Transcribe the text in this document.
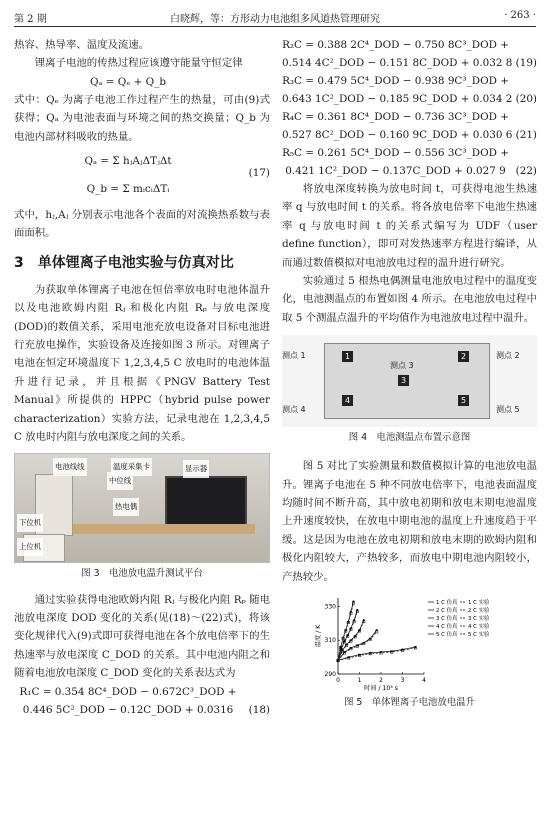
第 2 期	白晓辉，等：方形动力电池组多风道热管理研究	· 263 ·

热容、热导率、温度及流速。

锂离子电池的传热过程应该遵守能量守恒定律

Qₐ = Qₑ + Q_b

式中：Qₑ 为离子电池工作过程产生的热量，可由(9)式获得；Qₐ 为电池表面与环境之间的热交换量；Q_b 为电池内部材料吸收的热量。

Qₐ = Σ hⱼAⱼΔTⱼΔt
Q_b = Σ mᵢcᵢΔTᵢ
(17)

式中，hⱼ,Aⱼ 分别表示电池各个表面的对流换热系数与表面面积。

3　单体锂离子电池实验与仿真对比

为获取单体锂离子电池在恒倍率放电时电池体温升以及电池欧姆内阻 Rⱼ 和极化内阻 Rₚ 与放电深度(DOD)的数值关系，采用电池充放电设备对目标电池进行充放电操作，实验设备及连接如图 3 所示。对锂离子电池在恒定环境温度下 1,2,3,4,5 C 放电时的电池体温升进行记录，并且根据《PNGV Battery Test Manual》所提供的 HPPC（hybrid pulse power characterization）实验方法，记录电池在 1,2,3,4,5 C 放电时内阻与放电深度之间的关系。

电池线线	温度采集卡
中位线
显示器
热电偶
下位机
上位机
图 3　电池放电温升测试平台

通过实验获得电池欧姆内阻 Rⱼ 与极化内阻 Rₚ 随电池放电深度 DOD 变化的关系(见(18)～(22)式)，将该变化规律代入(9)式即可获得电池在各个放电倍率下的生热速率与放电深度 C_DOD 的关系。其中电池内阻之和随着电池放电深度 C_DOD 变化的关系表达式为

R₁C = 0.354 8C⁴_DOD − 0.672C³_DOD +
0.446 5C²_DOD − 0.12C_DOD + 0.0316	(18)
R₂C = 0.388 2C⁴_DOD − 0.750 8C³_DOD +
0.514 4C²_DOD − 0.151 8C_DOD + 0.032 8 (19)
R₃C = 0.479 5C⁴_DOD − 0.938 9C³_DOD +
0.643 1C²_DOD − 0.185 9C_DOD + 0.034 2 (20)
R₄C = 0.361 8C⁴_DOD − 0.736 3C³_DOD +
0.527 8C²_DOD − 0.160 9C_DOD + 0.030 6 (21)
R₅C = 0.261 5C⁴_DOD − 0.556 3C³_DOD +
0.421 1C²_DOD − 0.137C_DOD + 0.027 9 (22)

将放电深度转换为放电时间 t，可获得电池生热速率 q 与放电时间 t 的关系。将各放电倍率下电池生热速率 q 与放电时间 t 的关系式编写为 UDF（user define function），即可对发热速率方程进行编译，从而通过数值模拟对电池放电过程的温升进行研究。

实验通过 5 根热电偶测量电池放电过程中的温度变化，电池测温点的布置如图 4 所示。在电池放电过程中取 5 个测温点温升的平均值作为电池放电过程中温升。

1	2
3
4	5
测点 1	测点 2
测点 3
测点 4	测点 5
图 4　电池测温点布置示意图

图 5 对比了实验测量和数值模拟计算的电池放电温升。锂离子电池在 5 种不同放电倍率下，电池表面温度均随时间不断升高，其中放电初期和放电末期电池温度上升速度较快，在放电中期电池的温度上升速度趋于平缓。这是因为电池在放电初期和放电末期的欧姆内阻和极化内阻较大，产热较多，而放电中期电池内阻较小，产热较少。

0	1	2	3	4
290
310
330
时间 / 10³ s
温度 / K
1 C 仿真
2 C 仿真
3 C 仿真
4 C 仿真
5 C 仿真
1 C 实验
2 C 实验
3 C 实验
4 C 实验
5 C 实验
图 5　单体锂离子电池放电温升
